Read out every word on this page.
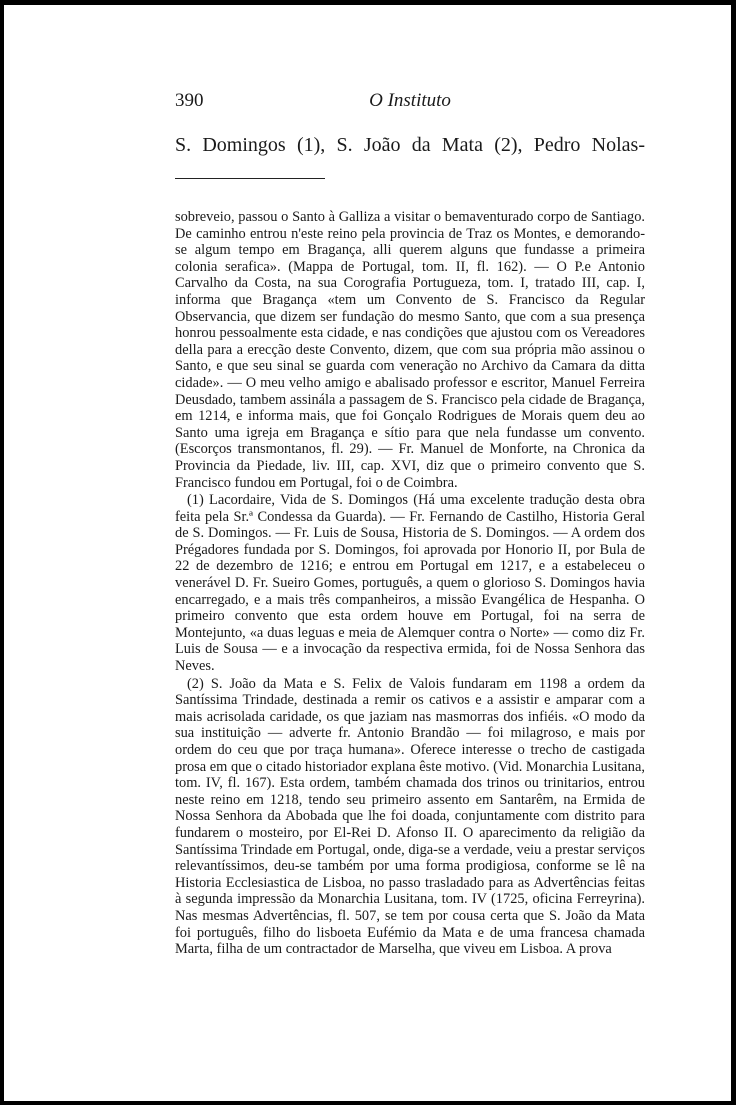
390	O Instituto
S. Domingos (1), S. João da Mata (2), Pedro Nolas-

sobreveio, passou o Santo à Galliza a visitar o bemaventurado corpo de Santiago. De caminho entrou n'este reino pela provincia de Traz os Montes, e demorando-se algum tempo em Bragança, alli querem alguns que fundasse a primeira colonia serafica». (Mappa de Portugal, tom. II, fl. 162). — O P.e Antonio Carvalho da Costa, na sua Corografia Portugueza, tom. I, tratado III, cap. I, informa que Bragança «tem um Convento de S. Francisco da Regular Observancia, que dizem ser fundação do mesmo Santo, que com a sua presença honrou pessoalmente esta cidade, e nas condições que ajustou com os Vereadores della para a erecção deste Convento, dizem, que com sua própria mão assinou o Santo, e que seu sinal se guarda com veneração no Archivo da Camara da ditta cidade». — O meu velho amigo e abalisado professor e escritor, Manuel Ferreira Deusdado, tambem assinála a passagem de S. Francisco pela cidade de Bragança, em 1214, e informa mais, que foi Gonçalo Rodrigues de Morais quem deu ao Santo uma igreja em Bragança e sítio para que nela fundasse um convento. (Escorços transmontanos, fl. 29). — Fr. Manuel de Monforte, na Chronica da Provincia da Piedade, liv. III, cap. XVI, diz que o primeiro convento que S. Francisco fundou em Portugal, foi o de Coimbra.

(1) Lacordaire, Vida de S. Domingos (Há uma excelente tradução desta obra feita pela Sr.ª Condessa da Guarda). — Fr. Fernando de Castilho, Historia Geral de S. Domingos. — Fr. Luis de Sousa, Historia de S. Domingos. — A ordem dos Prégadores fundada por S. Domingos, foi aprovada por Honorio II, por Bula de 22 de dezembro de 1216; e entrou em Portugal em 1217, e a estabeleceu o venerável D. Fr. Sueiro Gomes, português, a quem o glorioso S. Domingos havia encarregado, e a mais três companheiros, a missão Evangélica de Hespanha. O primeiro convento que esta ordem houve em Portugal, foi na serra de Montejunto, «a duas leguas e meia de Alemquer contra o Norte» — como diz Fr. Luis de Sousa — e a invocação da respectiva ermida, foi de Nossa Senhora das Neves.

(2) S. João da Mata e S. Felix de Valois fundaram em 1198 a ordem da Santíssima Trindade, destinada a remir os cativos e a assistir e amparar com a mais acrisolada caridade, os que jaziam nas masmorras dos infiéis. «O modo da sua instituição — adverte fr. Antonio Brandão — foi milagroso, e mais por ordem do ceu que por traça humana». Oferece interesse o trecho de castigada prosa em que o citado historiador explana êste motivo. (Vid. Monarchia Lusitana, tom. IV, fl. 167). Esta ordem, também chamada dos trinos ou trinitarios, entrou neste reino em 1218, tendo seu primeiro assento em Santarêm, na Ermida de Nossa Senhora da Abobada que lhe foi doada, conjuntamente com distrito para fundarem o mosteiro, por El-Rei D. Afonso II. O aparecimento da religião da Santíssima Trindade em Portugal, onde, diga-se a verdade, veiu a prestar serviços relevantíssimos, deu-se também por uma forma prodigiosa, conforme se lê na Historia Ecclesiastica de Lisboa, no passo trasladado para as Advertências feitas à segunda impressão da Monarchia Lusitana, tom. IV (1725, oficina Ferreyrina). Nas mesmas Advertências, fl. 507, se tem por cousa certa que S. João da Mata foi português, filho do lisboeta Eufémio da Mata e de uma francesa chamada Marta, filha de um contractador de Marselha, que viveu em Lisboa. A prova
